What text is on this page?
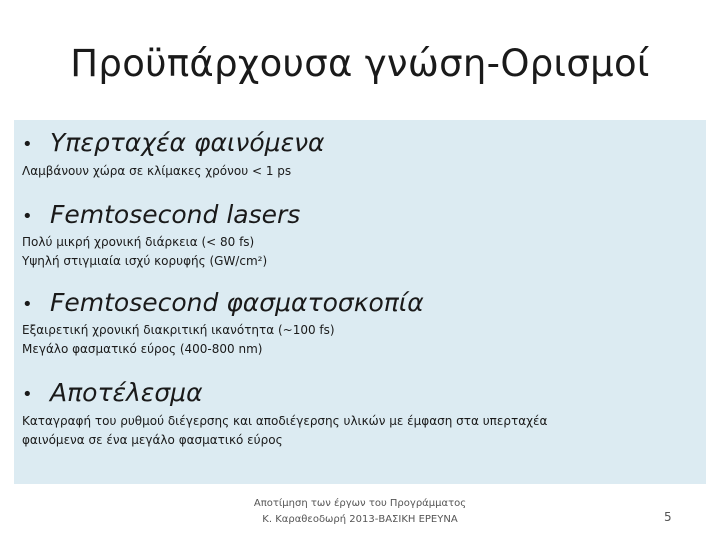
Προϋπάρχουσα γνώση-Ορισμοί
• Υπερταχέα φαινόμενα
Λαμβάνουν χώρα σε κλίμακες χρόνου < 1 ps
• Femtosecond lasers
Πολύ μικρή χρονική διάρκεια (< 80 fs)
Υψηλή στιγμιαία ισχύ κορυφής (GW/cm²)
• Femtosecond φασματοσκοπία
Εξαιρετική χρονική διακριτική ικανότητα (~100 fs)
Μεγάλο φασματικό εύρος (400-800 nm)
• Αποτέλεσμα
Καταγραφή του ρυθμού διέγερσης και αποδιέγερσης υλικών με έμφαση στα υπερταχέα
φαινόμενα σε ένα μεγάλο φασματικό εύρος
Αποτίμηση των έργων του Προγράμματος
Κ. Καραθεοδωρή 2013-ΒΑΣΙΚΗ ΕΡΕΥΝΑ	5
